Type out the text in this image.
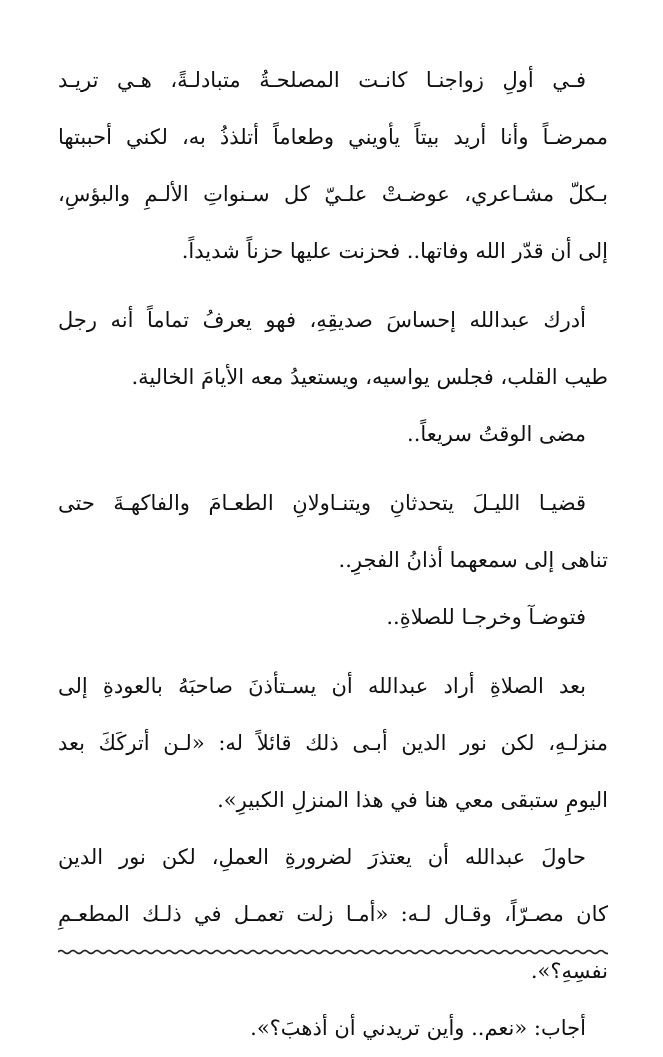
فـي أولِ زواجنـا كانـت المصلحـةُ متبادلـةً، هـي تريـد
ممرضـاً وأنا أريد بيتاً يأويني وطعاماً أتلذذُ به، لكني أحببتها
بـكلّ مشـاعري، عوضـتْ علـيّ كل سـنواتِ الألـمِ والبؤسِ،
إلى أن قدّر الله وفاتها.. فحزنت عليها حزناً شديداً.
أدرك عبدالله إحساسَ صديقِهِ، فهو يعرفُ تماماً أنه رجل
طيب القلب، فجلس يواسيه، ويستعيدُ معه الأيامَ الخالية.
مضى الوقتُ سريعاً..
قضيـا الليـلَ يتحدثانِ ويتنـاولانِ الطعـامَ والفاكهـةَ حتى
تناهى إلى سمعهما أذانُ الفجرِ..
فتوضـآ وخرجـا للصلاةِ..
بعد الصلاةِ أراد عبدالله أن يسـتأذنَ صاحبَهُ بالعودةِ إلى
منزلـهِ، لكن نور الدين أبـى ذلك قائلاً له: «لـن أتركَكَ بعد
اليومِ ستبقى معي هنا في هذا المنزلِ الكبيرِ».
حاولَ عبدالله أن يعتذرَ لضرورةِ العملِ، لكن نور الدين
كان مصـرّاً، وقـال لـه: «أمـا زلت تعمـل في ذلـك المطعـمِ
نفسِهِ؟».
أجاب: «نعم.. وأين تريدني أن أذهبَ؟».
